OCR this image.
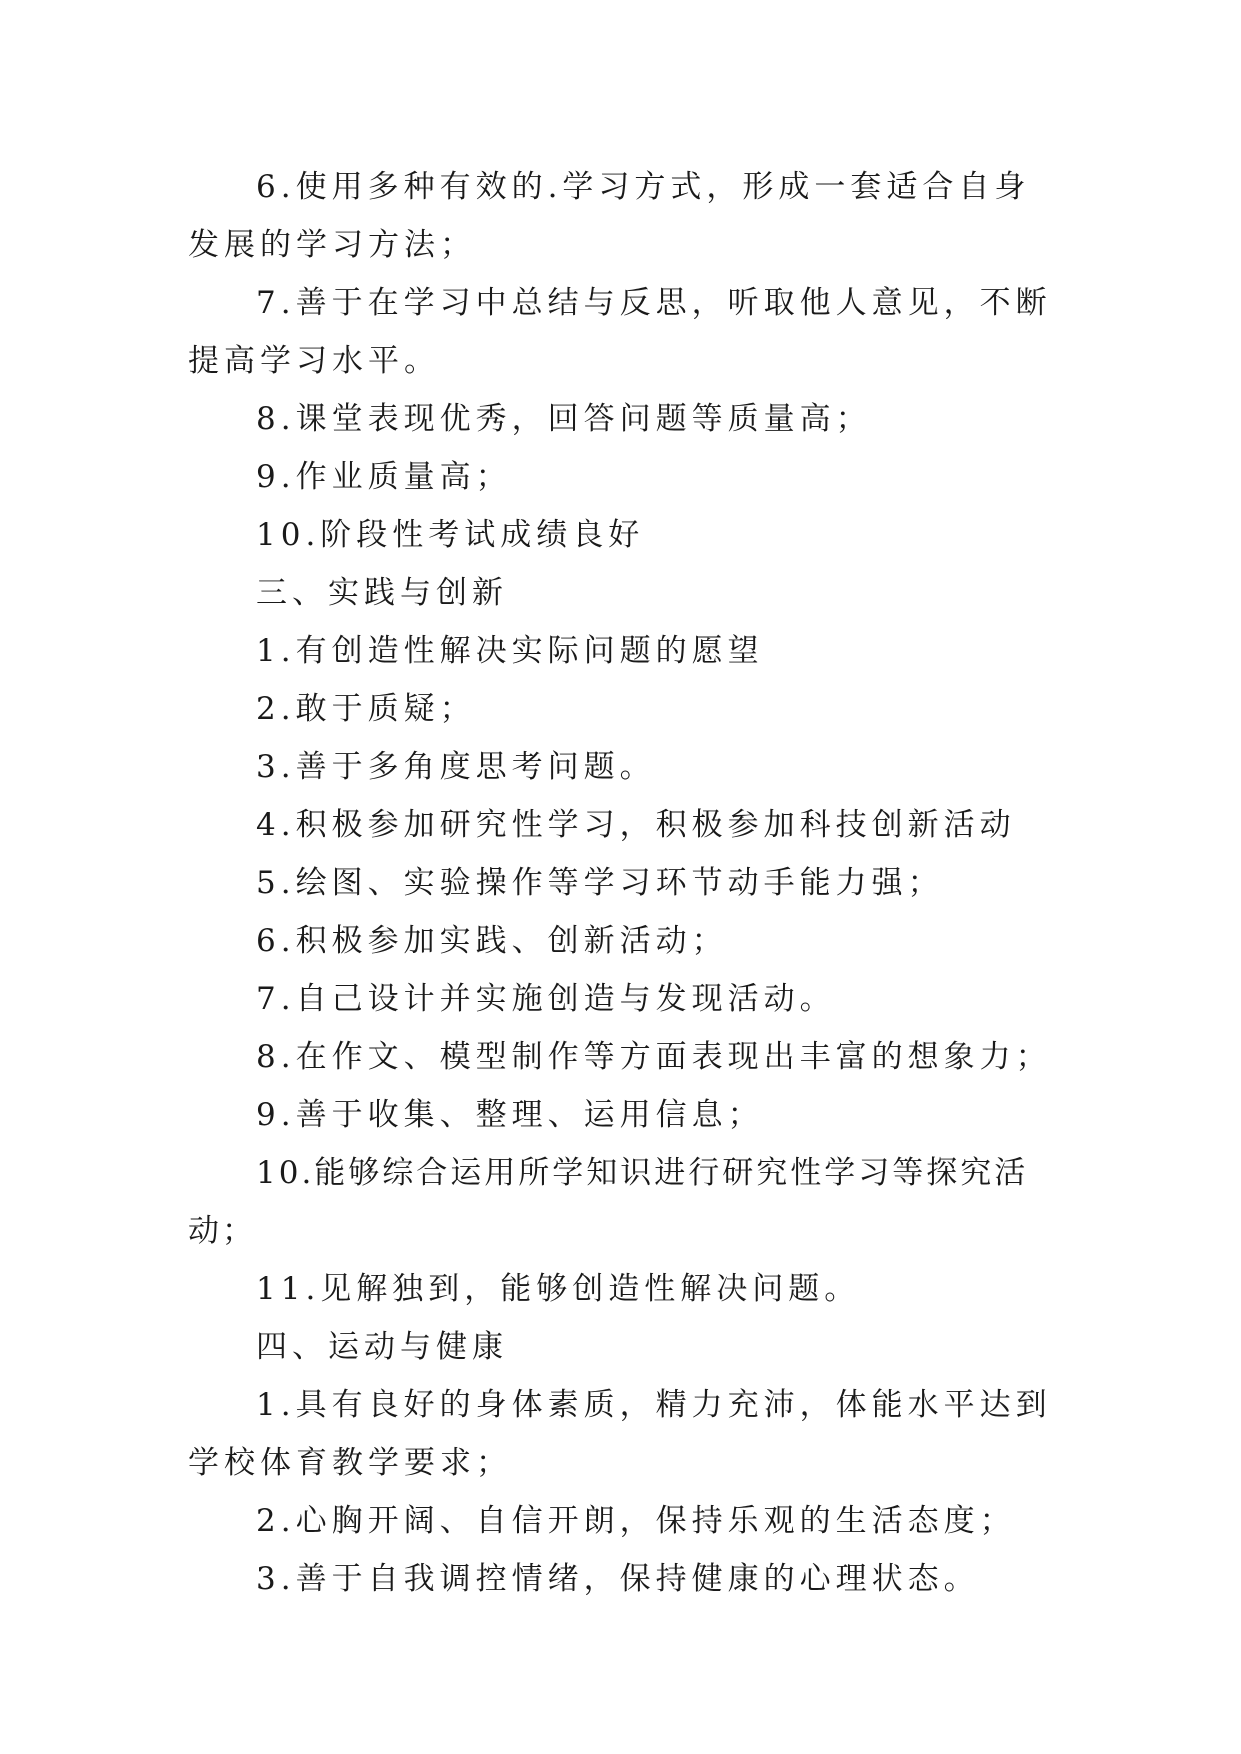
6.使用多种有效的.学习方式，形成一套适合自身发展的学习方法；

7.善于在学习中总结与反思，听取他人意见，不断提高学习水平。

8.课堂表现优秀，回答问题等质量高；

9.作业质量高；

10.阶段性考试成绩良好

三、实践与创新

1.有创造性解决实际问题的愿望

2.敢于质疑；

3.善于多角度思考问题。

4.积极参加研究性学习，积极参加科技创新活动

5.绘图、实验操作等学习环节动手能力强；

6.积极参加实践、创新活动；

7.自己设计并实施创造与发现活动。

8.在作文、模型制作等方面表现出丰富的想象力；

9.善于收集、整理、运用信息；

10.能够综合运用所学知识进行研究性学习等探究活动；

11.见解独到，能够创造性解决问题。

四、运动与健康

1.具有良好的身体素质，精力充沛，体能水平达到学校体育教学要求；

2.心胸开阔、自信开朗，保持乐观的生活态度；

3.善于自我调控情绪，保持健康的心理状态。
